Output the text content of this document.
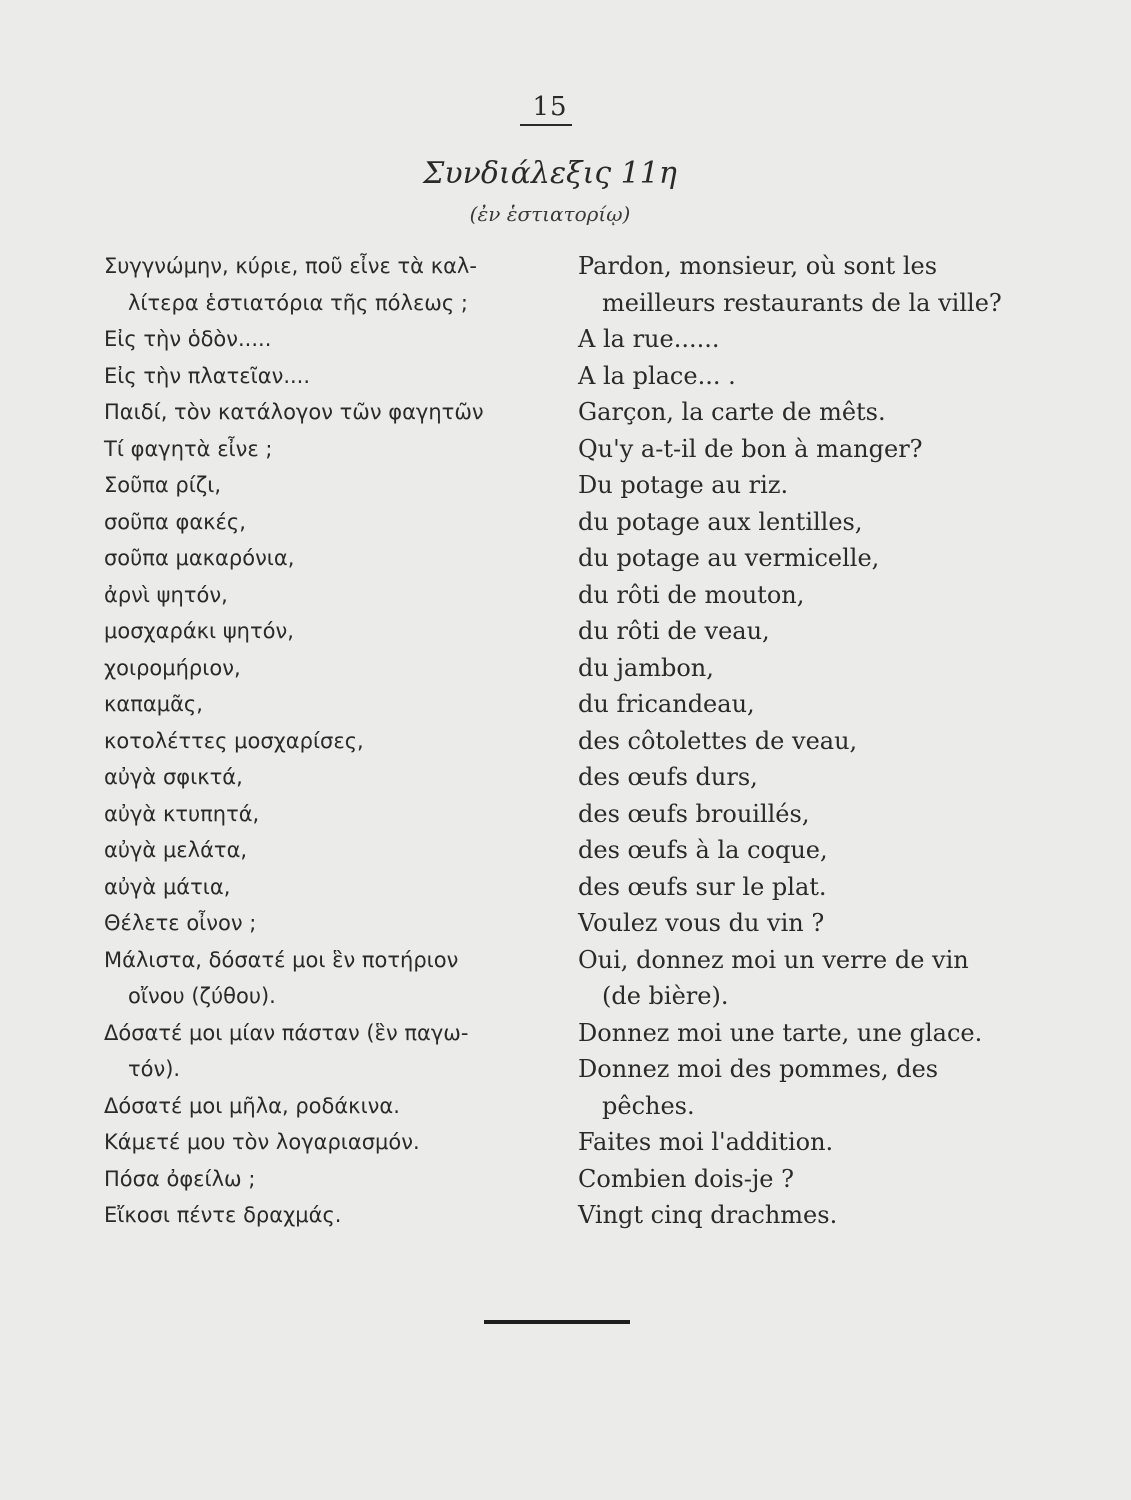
15
Συνδιάλεξις 11η
(ἐν ἑστιατορίῳ)
Συγγνώμην, κύριε, ποῦ εἶνε τὰ καλ-
λίτερα ἑστιατόρια τῆς πόλεως ;
Εἰς τὴν ὁδὸν.....
Εἰς τὴν πλατεῖαν....
Παιδί, τὸν κατάλογον τῶν φαγητῶν
Τί φαγητὰ εἶνε ;
Σοῦπα ρίζι,
σοῦπα φακές,
σοῦπα μακαρόνια,
ἀρνὶ ψητόν,
μοσχαράκι ψητόν,
χοιρομήριον,
καπαμᾶς,
κοτολέττες μοσχαρίσες,
αὐγὰ σφικτά,
αὐγὰ κτυπητά,
αὐγὰ μελάτα,
αὐγὰ μάτια,
Θέλετε οἶνον ;
Μάλιστα, δόσατέ μοι ἓν ποτήριον
οἴνου (ζύθου).
Δόσατέ μοι μίαν πάσταν (ἓν παγω-
τόν).
Δόσατέ μοι μῆλα, ροδάκινα.
Κάμετέ μου τὸν λογαριασμόν.
Πόσα ὀφείλω ;
Εἴκοσι πέντε δραχμάς.
Pardon, monsieur, où sont les
meilleurs restaurants de la ville?
A la rue......
A la place... .
Garçon, la carte de mêts.
Qu'y a-t-il de bon à manger?
Du potage au riz.
du potage aux lentilles,
du potage au vermicelle,
du rôti de mouton,
du rôti de veau,
du jambon,
du fricandeau,
des côtolettes de veau,
des œufs durs,
des œufs brouillés,
des œufs à la coque,
des œufs sur le plat.
Voulez vous du vin ?
Oui, donnez moi un verre de vin
(de bière).
Donnez moi une tarte, une glace.
Donnez moi des pommes, des
pêches.
Faites moi l'addition.
Combien dois-je ?
Vingt cinq drachmes.
